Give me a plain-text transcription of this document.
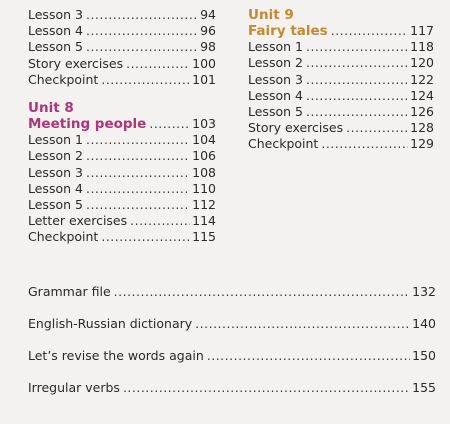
Lesson 3 .....	94
Lesson 4 .....	96
Lesson 5 .....	98
Story exercises .....	100
Checkpoint .....	101
Unit 8
Meeting people .....	103
Lesson 1 .....	104
Lesson 2 .....	106
Lesson 3 .....	108
Lesson 4 .....	110
Lesson 5 .....	112
Letter exercises .....	114
Checkpoint .....	115
Unit 9
Fairy tales .....	117
Lesson 1 .....	118
Lesson 2 .....	120
Lesson 3 .....	122
Lesson 4 .....	124
Lesson 5 .....	126
Story exercises .....	128
Checkpoint .....	129
Grammar file .....	132
English-Russian dictionary .....	140
Let’s revise the words again .....	150
Irregular verbs .....	155
